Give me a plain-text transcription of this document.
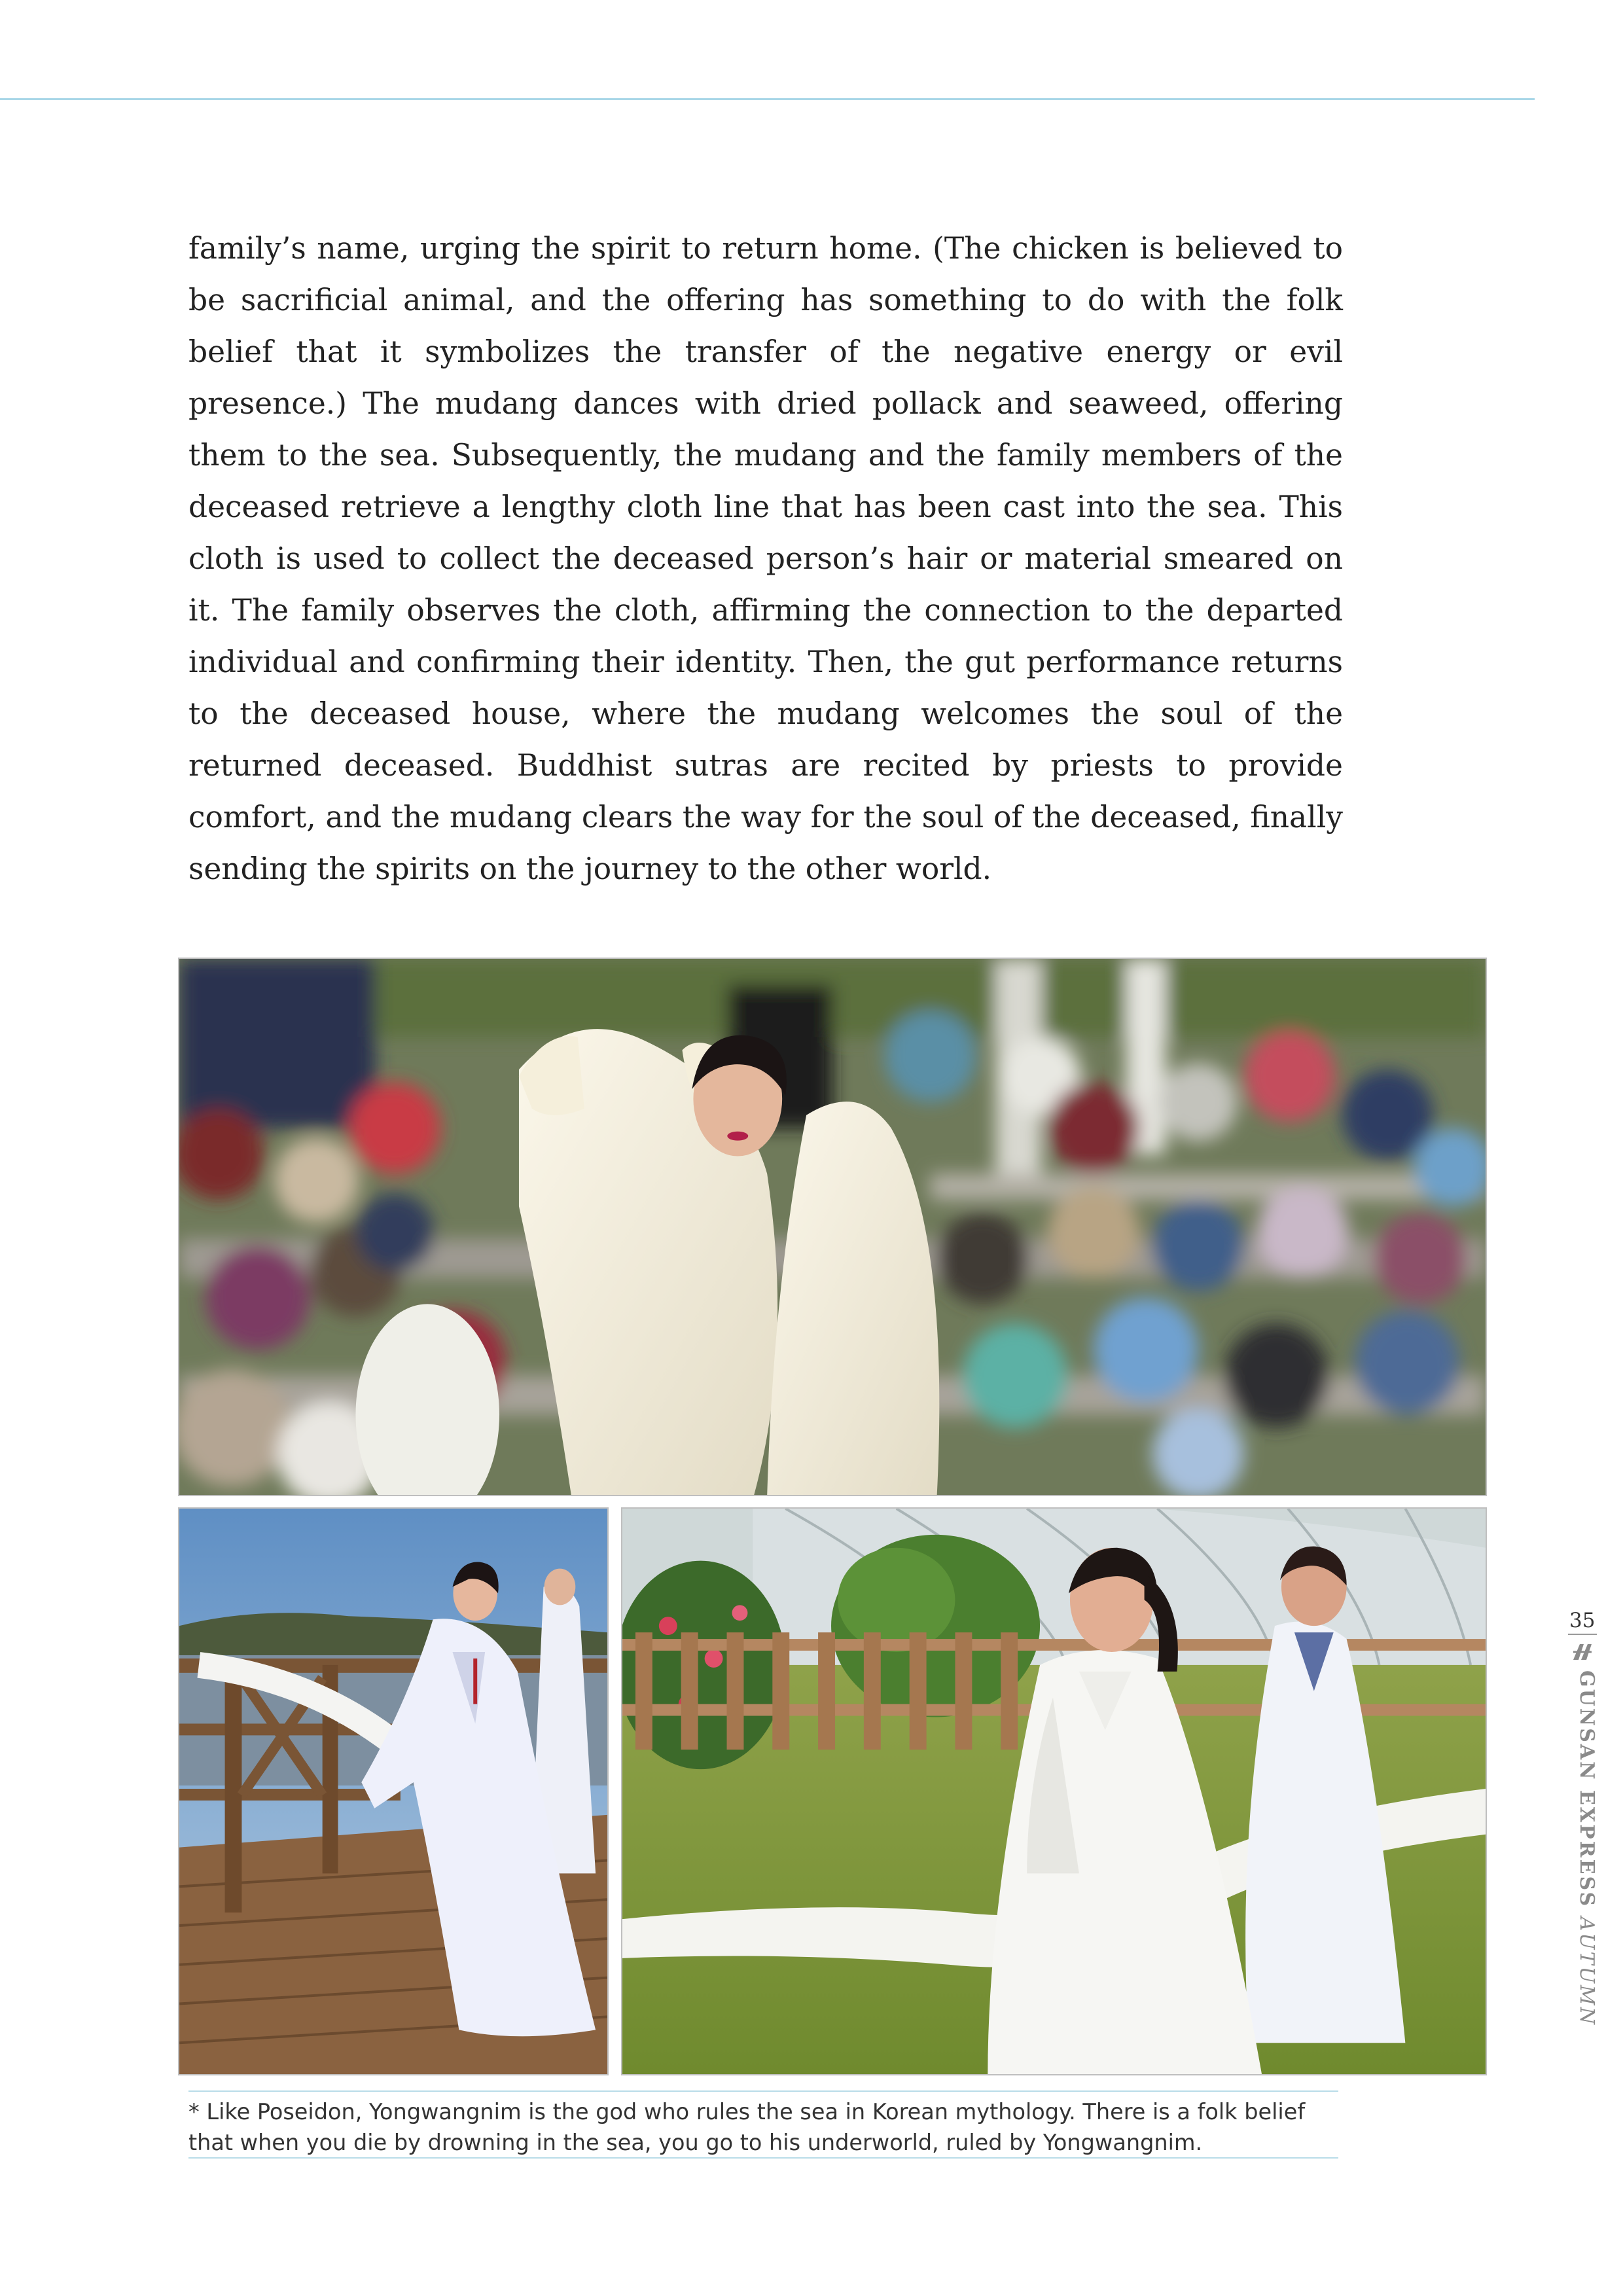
family’s name, urging the spirit to return home. (The chicken is believed to be sacrificial animal, and the offering has something to do with the folk belief that it symbolizes the transfer of the negative energy or evil presence.) The mudang dances with dried pollack and seaweed, offering them to the sea. Subsequently, the mudang and the family members of the deceased retrieve a lengthy cloth line that has been cast into the sea. This cloth is used to collect the deceased person’s hair or material smeared on it. The family observes the cloth, affirming the connection to the departed individual and confirming their identity. Then, the gut performance returns to the deceased house, where the mudang welcomes the soul of the returned deceased. Buddhist sutras are recited by priests to provide comfort, and the mudang clears the way for the soul of the deceased, finally sending the spirits on the journey to the other world.

* Like Poseidon, Yongwangnim is the god who rules the sea in Korean mythology. There is a folk belief that when you die by drowning in the sea, you go to his underworld, ruled by Yongwangnim.

35
GUNSAN EXPRESS AUTUMN
